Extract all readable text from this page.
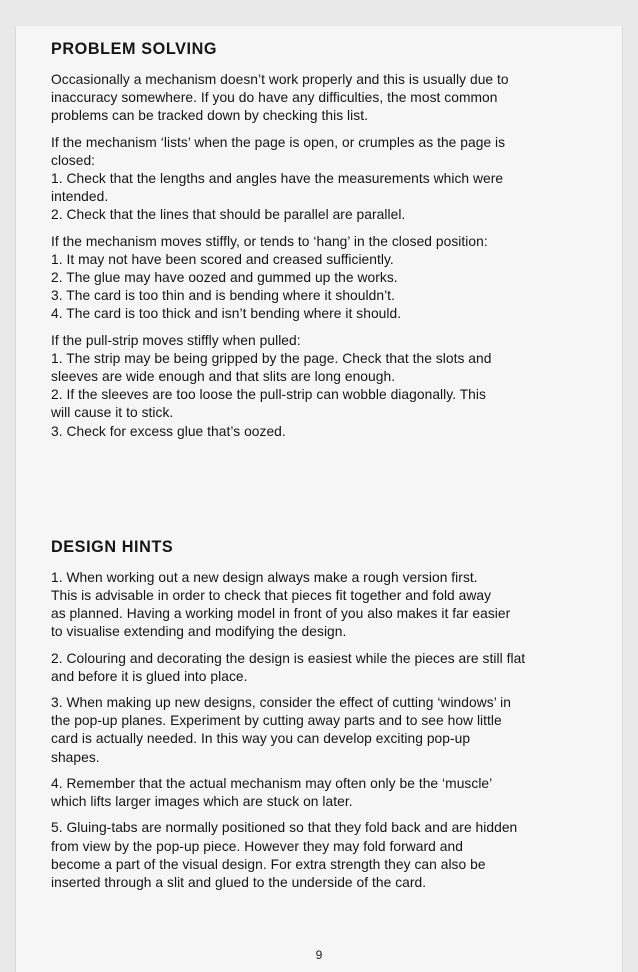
PROBLEM SOLVING

Occasionally a mechanism doesn’t work properly and this is usually due to
inaccuracy somewhere. If you do have any difficulties, the most common
problems can be tracked down by checking this list.

If the mechanism ‘lists’ when the page is open, or crumples as the page is
closed:
1. Check that the lengths and angles have the measurements which were
intended.
2. Check that the lines that should be parallel are parallel.

If the mechanism moves stiffly, or tends to ‘hang’ in the closed position:
1. It may not have been scored and creased sufficiently.
2. The glue may have oozed and gummed up the works.
3. The card is too thin and is bending where it shouldn’t.
4. The card is too thick and isn’t bending where it should.

If the pull-strip moves stiffly when pulled:
1. The strip may be being gripped by the page. Check that the slots and
sleeves are wide enough and that slits are long enough.
2. If the sleeves are too loose the pull-strip can wobble diagonally. This
will cause it to stick.
3. Check for excess glue that’s oozed.

DESIGN HINTS

1. When working out a new design always make a rough version first.
This is advisable in order to check that pieces fit together and fold away
as planned. Having a working model in front of you also makes it far easier
to visualise extending and modifying the design.

2. Colouring and decorating the design is easiest while the pieces are still flat
and before it is glued into place.

3. When making up new designs, consider the effect of cutting ‘windows’ in
the pop-up planes. Experiment by cutting away parts and to see how little
card is actually needed. In this way you can develop exciting pop-up
shapes.

4. Remember that the actual mechanism may often only be the ‘muscle’
which lifts larger images which are stuck on later.

5. Gluing-tabs are normally positioned so that they fold back and are hidden
from view by the pop-up piece. However they may fold forward and
become a part of the visual design. For extra strength they can also be
inserted through a slit and glued to the underside of the card.

9
